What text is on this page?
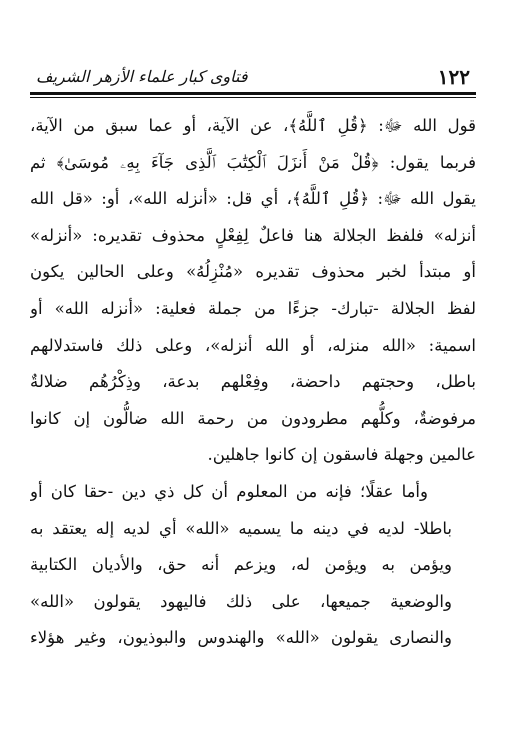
١٢٢
فتاوى كبار علماء الأزهر الشريف

قول الله ﷻ: ﴿قُلِ ٱللَّهُ﴾، عن الآية، أو عما سبق من الآية،
فربما يقول: ﴿قُلْ مَنْ أَنزَلَ ٱلْكِتَٰبَ ٱلَّذِى جَآءَ بِهِۦ مُوسَىٰ﴾ ثم
يقول الله ﷻ: ﴿قُلِ ٱللَّهُ﴾، أي قل: «أنزله الله»، أو: «قل الله
أنزله» فلفظ الجلالة هنا فاعلٌ لِفِعْلٍ محذوف تقديره: «أنزله»
أو مبتدأ لخبر محذوف تقديره «مُنْزِلُهُ» وعلى الحالين يكون
لفظ الجلالة -تبارك- جزءًا من جملة فعلية: «أنزله الله» أو
اسمية: «الله منزله، أو الله أنزله»، وعلى ذلك فاستدلالهم
باطل، وحجتهم داحضة، وفِعْلهم بدعة، وذِكْرُهُم ضلالةٌ
مرفوضةٌ، وكلُّهم مطرودون من رحمة الله ضالُّون إن كانوا
عالمين وجهلة فاسقون إن كانوا جاهلين.

وأما عقلًا؛ فإنه من المعلوم أن كل ذي دين -حقا كان أو
باطلا- لديه في دينه ما يسميه «الله» أي لديه إله يعتقد به
ويؤمن به ويؤمن له، ويزعم أنه حق، والأديان الكتابية
والوضعية جميعها، على ذلك فاليهود يقولون «الله»
والنصارى يقولون «الله» والهندوس والبوذيون، وغير هؤلاء
